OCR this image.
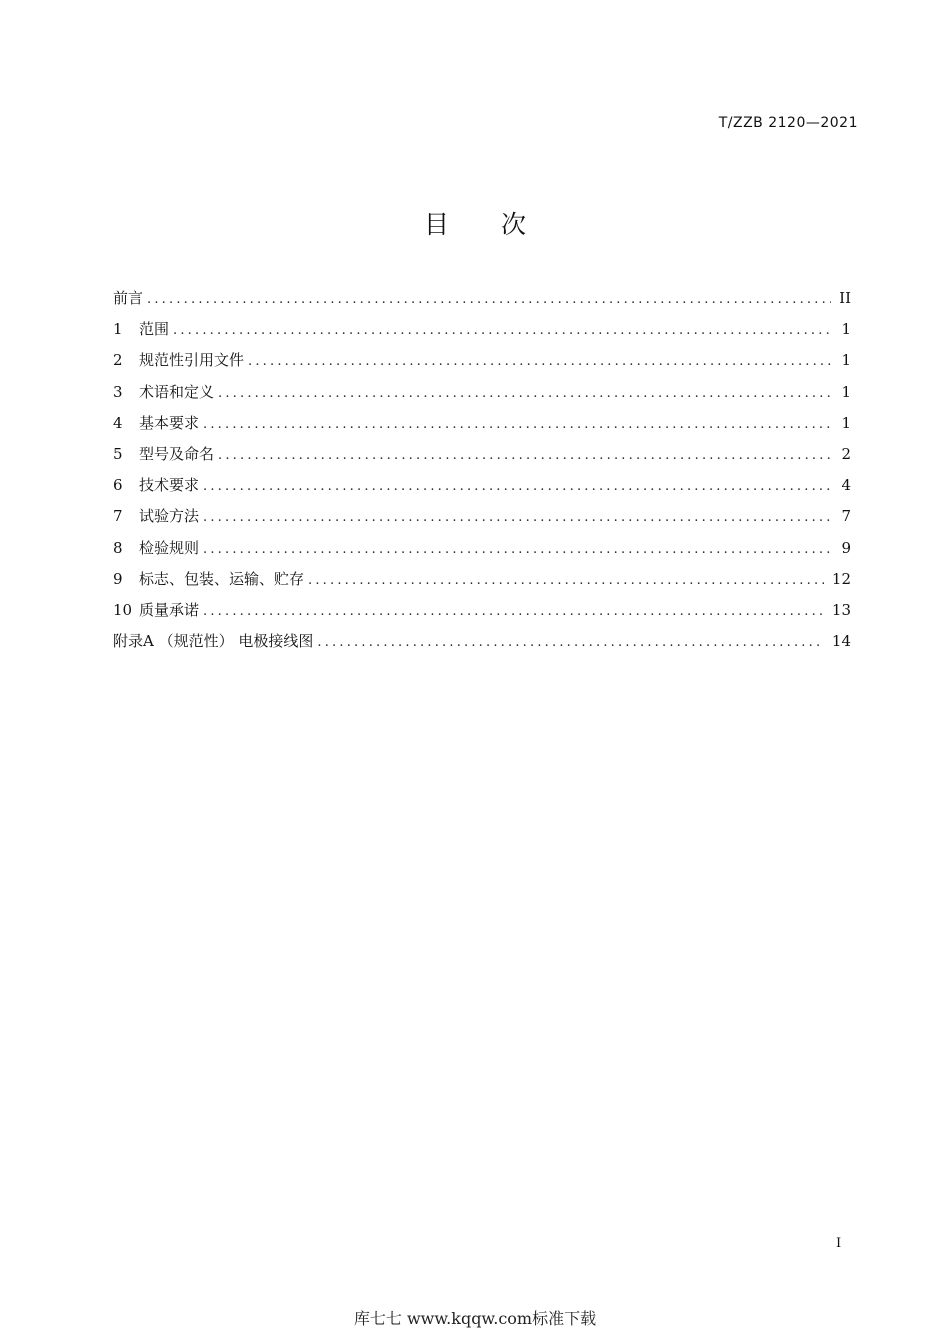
T/ZZB 2120—2021
目 次
前言 .....	II
1	范围 .....	1
2	规范性引用文件 .....	1
3	术语和定义 .....	1
4	基本要求 .....	1
5	型号及命名 .....	2
6	技术要求 .....	4
7	试验方法 .....	7
8	检验规则 .....	9
9	标志、包装、运输、贮存 .....	12
10 质量承诺 .....	13
附录A （规范性） 电极接线图 .....	14
I
库七七 www.kqqw.com标准下载
